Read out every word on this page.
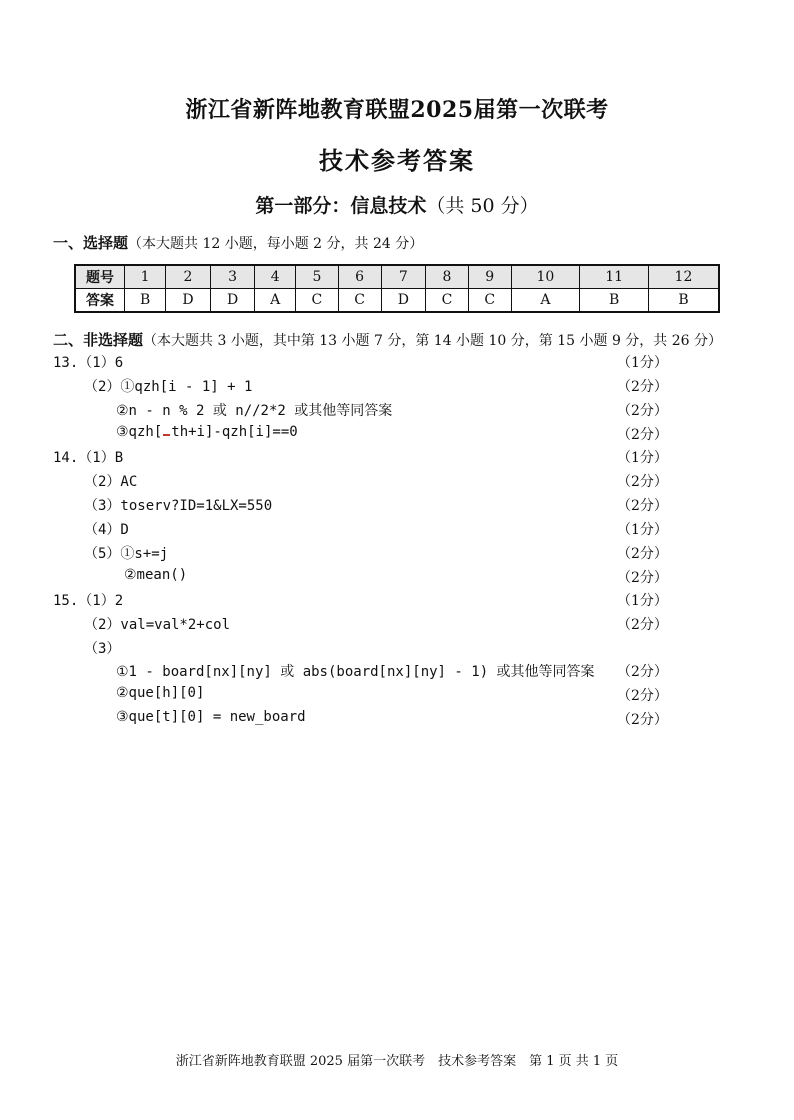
浙江省新阵地教育联盟2025届第一次联考
技术参考答案
第一部分：信息技术（共 50 分）
一、选择题（本大题共 12 小题，每小题 2 分，共 24 分）
题号	1	2	3	4	5	6	7	8	9	10	11	12
答案	B	D	D	A	C	C	D	C	C	A	B	B
二、非选择题（本大题共 3 小题，其中第 13 小题 7 分，第 14 小题 10 分，第 15 小题 9 分，共 26 分）
13.（1）6	（1分）
（2）①qzh[i - 1] + 1	（2分）
②n - n % 2 或 n//2*2 或其他等同答案	（2分）
③qzh[ th+i]-qzh[i]==0	（2分）
14.（1）B	（1分）
（2）AC	（2分）
（3）toserv?ID=1&LX=550	（2分）
（4）D	（1分）
（5）①s+=j	（2分）
②mean()	（2分）
15.（1）2	（1分）
（2）val=val*2+col	（2分）
（3）
①1 - board[nx][ny] 或 abs(board[nx][ny] - 1) 或其他等同答案 （2分）
②que[h][0]	（2分）
③que[t][0] = new_board	（2分）
浙江省新阵地教育联盟 2025 届第一次联考　技术参考答案　第 1 页 共 1 页
